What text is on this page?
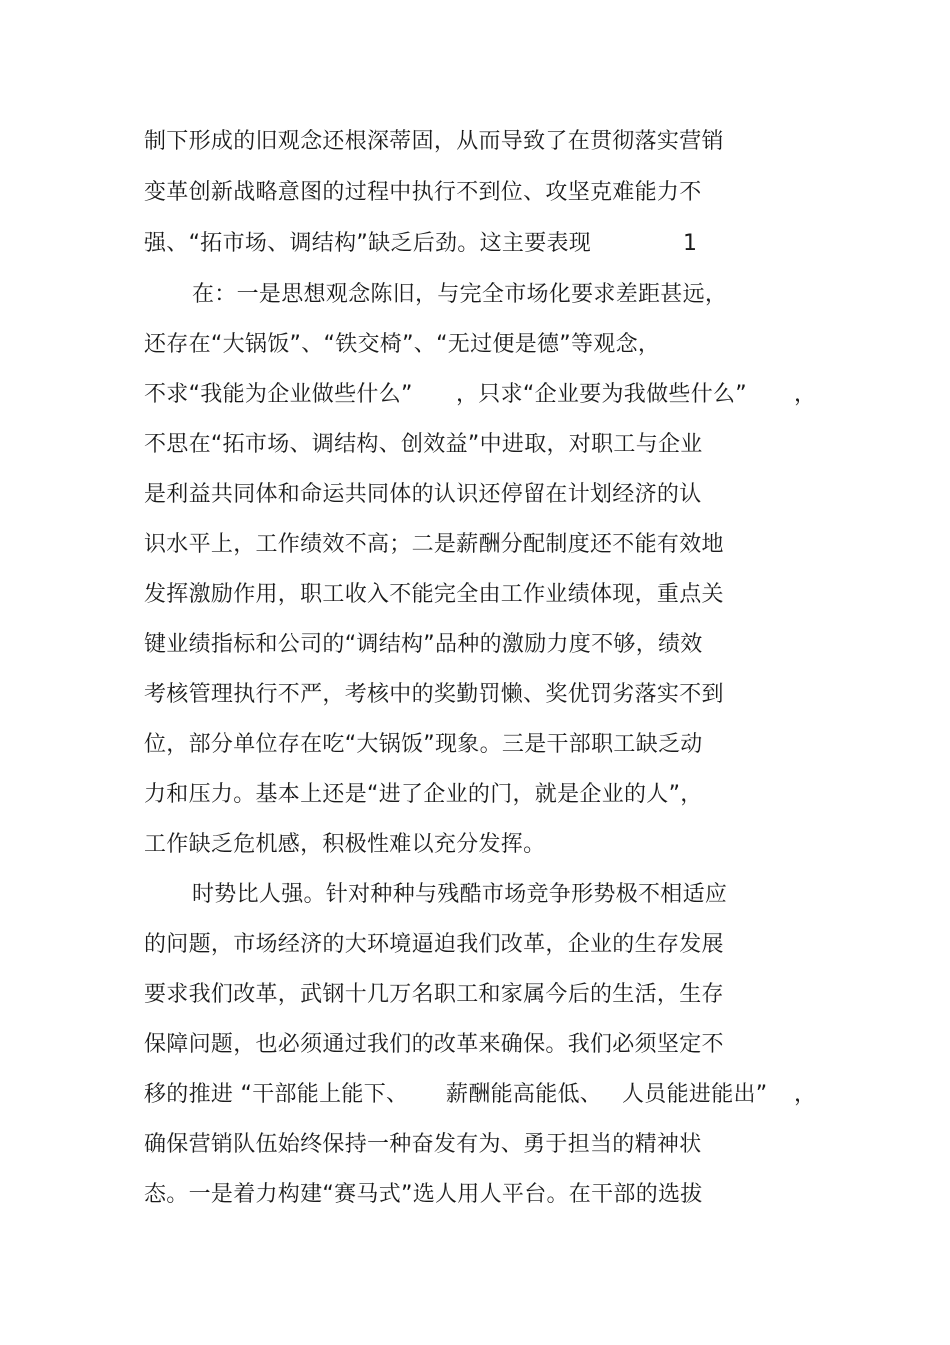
制下形成的旧观念还根深蒂固，从而导致了在贯彻落实营销
变革创新战略意图的过程中执行不到位、攻坚克难能力不
强、“拓市场、调结构”缺乏后劲。这主要表现	1
在：一是思想观念陈旧，与完全市场化要求差距甚远，
还存在“大锅饭”、“铁交椅”、“无过便是德”等观念，
不求“我能为企业做些什么” ，只求“企业要为我做些什么” ，
不思在“拓市场、调结构、创效益”中进取，对职工与企业
是利益共同体和命运共同体的认识还停留在计划经济的认
识水平上，工作绩效不高；二是薪酬分配制度还不能有效地
发挥激励作用，职工收入不能完全由工作业绩体现，重点关
键业绩指标和公司的“调结构”品种的激励力度不够，绩效
考核管理执行不严，考核中的奖勤罚懒、奖优罚劣落实不到
位，部分单位存在吃“大锅饭”现象。三是干部职工缺乏动
力和压力。基本上还是“进了企业的门，就是企业的人”，
工作缺乏危机感，积极性难以充分发挥。
时势比人强。针对种种与残酷市场竞争形势极不相适应
的问题，市场经济的大环境逼迫我们改革，企业的生存发展
要求我们改革，武钢十几万名职工和家属今后的生活，生存
保障问题，也必须通过我们的改革来确保。我们必须坚定不
移的推进 “干部能上能下、 薪酬能高能低、 人员能进能出” ，
确保营销队伍始终保持一种奋发有为、勇于担当的精神状
态。一是着力构建“赛马式”选人用人平台。在干部的选拔
